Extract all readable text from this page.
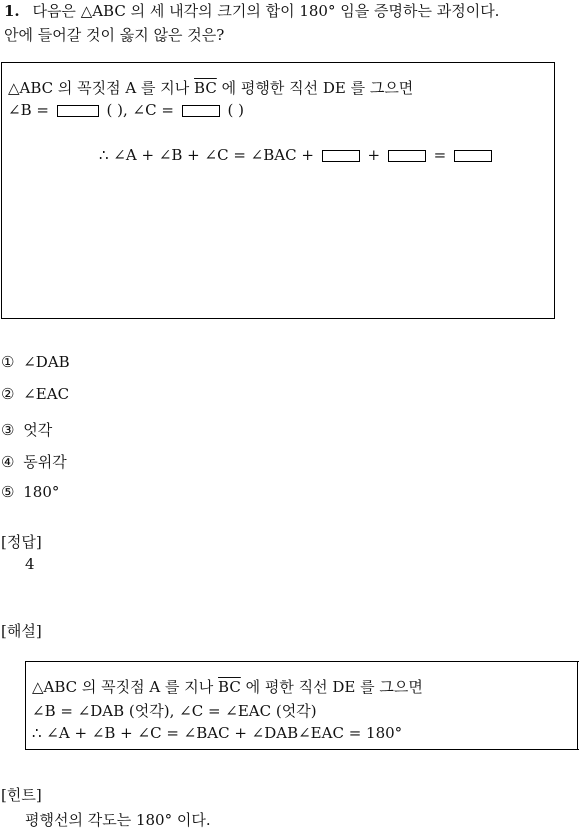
1. 다음은 △ABC 의 세 내각의 크기의 합이 180° 임을 증명하는 과정이다.
안에 들어갈 것이 옳지 않은 것은?
△ABC 의 꼭짓점 A 를 지나 $\overline{BC}$ 에 평행한 직선 DE 를 그으면
∠B =	( ), ∠C =	( )
∴ ∠A + ∠B + ∠C = ∠BAC +	+	=
① ∠DAB
② ∠EAC
③ 엇각
④ 동위각
⑤ 180°
[정답]
4
[해설]
△ABC 의 꼭짓점 A 를 지나 $\overline{BC}$ 에 평한 직선 DE 를 그으면
∠B = ∠DAB (엇각), ∠C = ∠EAC (엇각)
∴ ∠A + ∠B + ∠C = ∠BAC + ∠DAB∠EAC = 180°
[힌트]
평행선의 각도는 180° 이다.
